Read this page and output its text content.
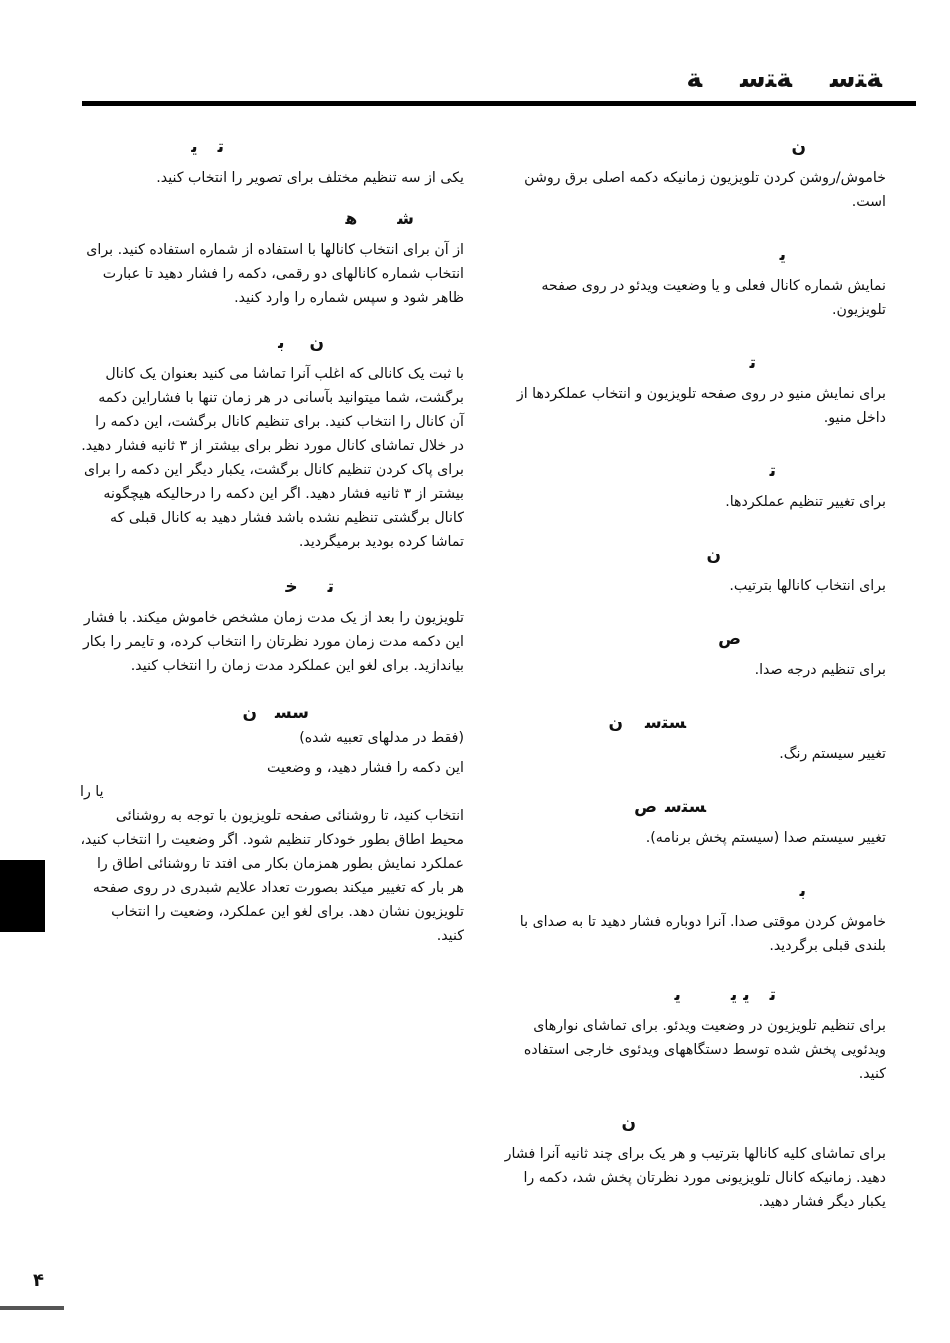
ﺔﺘﺳ
ﺔﺘﺳ
ﺔ
ﻥ

خاموش/روشن کردن تلویزیون زمانیکه دکمه اصلی برق روشن است.

ﻳ

نمایش شماره کانال فعلی و یا وضعیت ویدئو در روی صفحه تلویزیون.

ﺗ

برای نمایش منیو در روی صفحه تلویزیون و انتخاب عملکردها از داخل منیو.

ﺗ

برای تغییر تنظیم عملکردها.

ﻥ

برای انتخاب کانالها بترتیب.

ﺹ

برای تنظیم درجه صدا.

ﺴﺘﺳﻥ

تغییر سیستم رنگ.

ﺴﺘﺳﺹ

تغییر سیستم صدا (سیستم پخش برنامه).

ﺑ

خاموش کردن موقتی صدا. آنرا دوباره فشار دهید تا به صدای با بلندی قبلی برگردید.

ﺗﻳ ﻳﻳ

برای تنظیم تلویزیون در وضعیت ویدئو. برای تماشای نوارهای ویدئویی پخش شده توسط دستگاههای ویدئوی خارجی استفاده کنید.

ﻥ

برای تماشای کلیه کانالها بترتیب و هر یک برای چند ثانیه آنرا فشار دهید. زمانیکه کانال تلویزیونی مورد نظرتان پخش شد، دکمه را یکبار دیگر فشار دهید.

ﺗﻳ

یکی از سه تنظیم مختلف برای تصویر را انتخاب کنید.

ﺷﻫ

از آن برای انتخاب کانالها با استفاده از شماره استفاده کنید. برای انتخاب شماره کانالهای دو رقمی، دکمه را فشار دهید تا عبارت ظاهر شود و سپس شماره را وارد کنید.

ﻥﺑ

با ثبت یک کانالی که اغلب آنرا تماشا می کنید بعنوان یک کانال برگشت، شما میتوانید بآسانی در هر زمان تنها با فشاراین دکمه آن کانال را انتخاب کنید. برای تنظیم کانال برگشت، این دکمه را در خلال تماشای کانال مورد نظر برای بیشتر از ۳ ثانیه فشار دهید. برای پاک کردن تنظیم کانال برگشت، یکبار دیگر این دکمه را برای بیشتر از ۳ ثانیه فشار دهید. اگر این دکمه را درحالیکه هیچگونه کانال برگشتی تنظیم نشده باشد فشار دهید به کانال قبلی که تماشا کرده بودید برمیگردید.

ﺗﺧ

تلویزیون را بعد از یک مدت زمان مشخص خاموش میکند. با فشار این دکمه مدت زمان مورد نظرتان را انتخاب کرده، و تایمر را بکار بیاندازید. برای لغو این عملکرد مدت زمان را انتخاب کنید.

ﺳﺴﻥ

(فقط در مدلهای تعبیه شده)

این دکمه را فشار دهید، و وضعیت

یا را

انتخاب کنید، تا روشنائی صفحه تلویزیون با توجه به روشنائی محیط اطاق بطور خودکار تنظیم شود. اگر وضعیت را انتخاب کنید، عملکرد نمایش بطور همزمان بکار می افتد تا روشنائی اطاق را هر بار که تغییر میکند بصورت تعداد علایم شبدری در روی صفحه تلویزیون نشان دهد. برای لغو این عملکرد، وضعیت را انتخاب کنید.

۴
